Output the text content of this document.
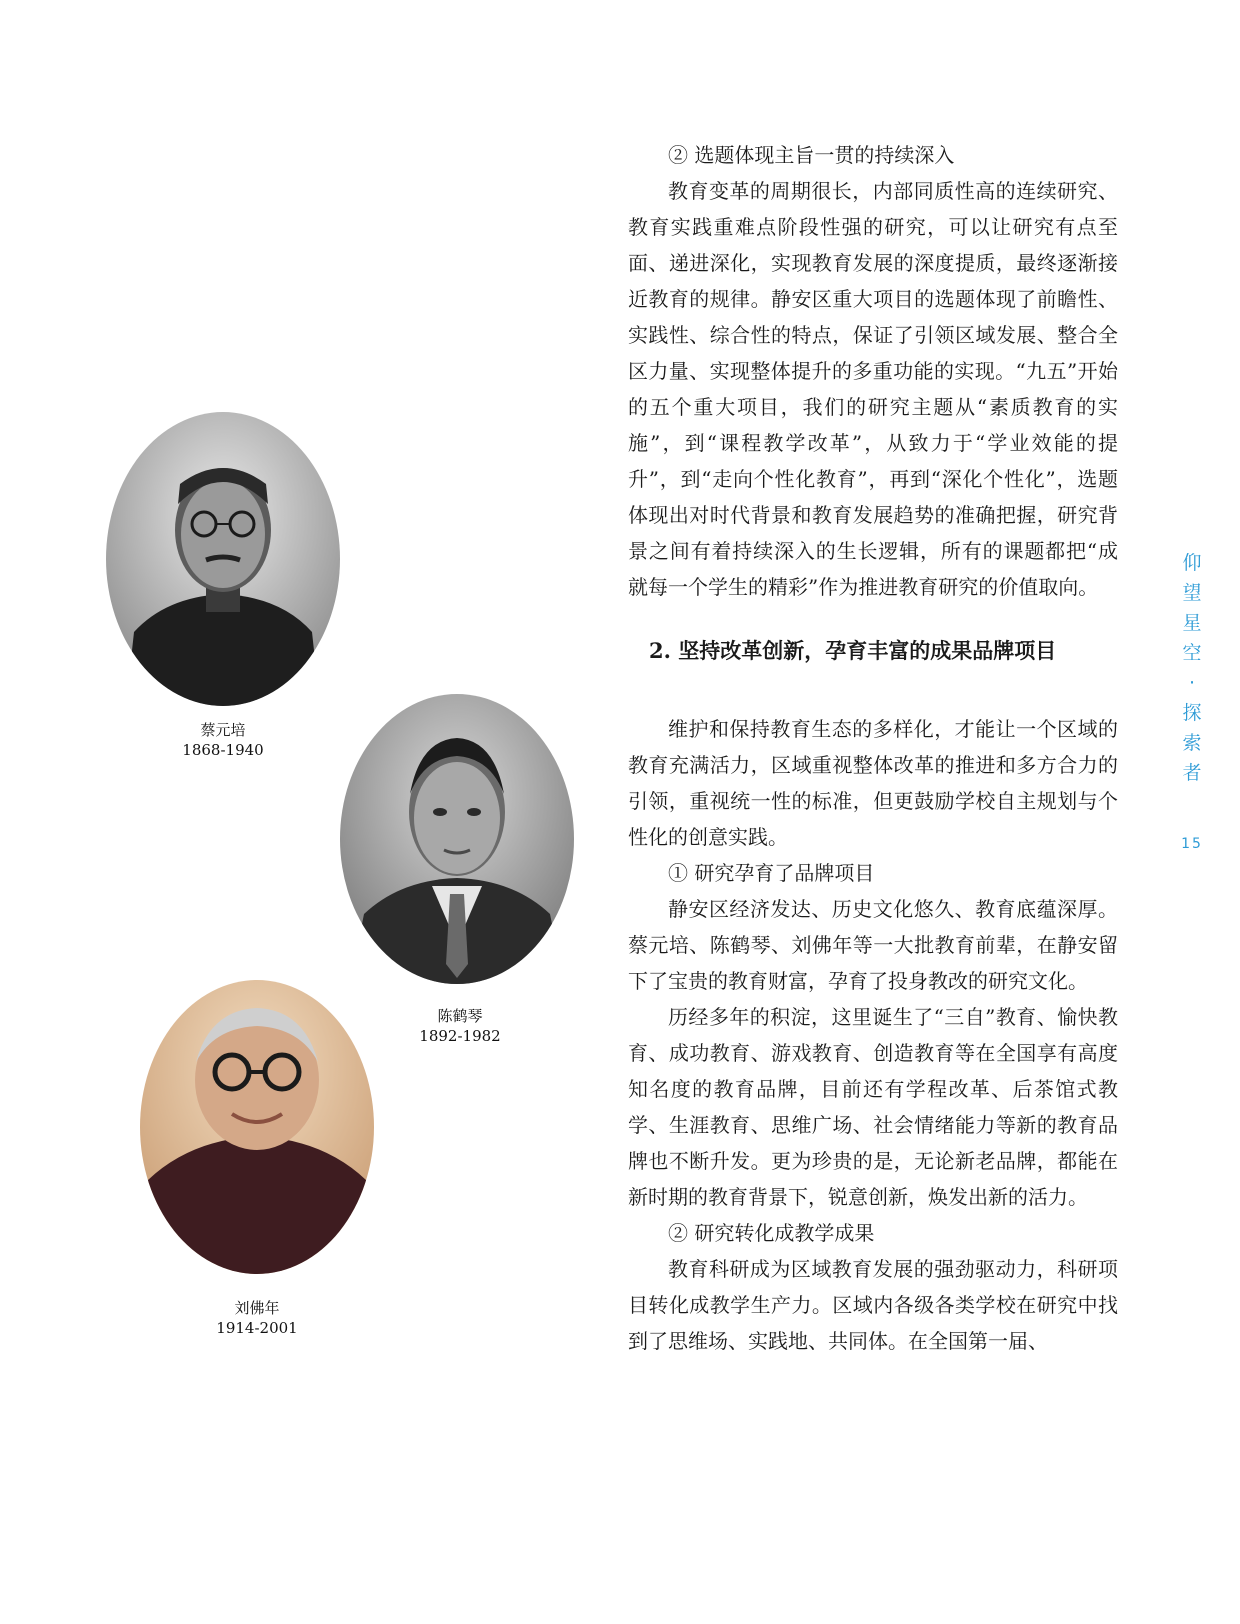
② 选题体现主旨一贯的持续深入

教育变革的周期很长，内部同质性高的连续研究、教育实践重难点阶段性强的研究，可以让研究有点至面、递进深化，实现教育发展的深度提质，最终逐渐接近教育的规律。静安区重大项目的选题体现了前瞻性、实践性、综合性的特点，保证了引领区域发展、整合全区力量、实现整体提升的多重功能的实现。“九五”开始的五个重大项目，我们的研究主题从“素质教育的实施”，到“课程教学改革”，从致力于“学业效能的提升”，到“走向个性化教育”，再到“深化个性化”，选题体现出对时代背景和教育发展趋势的准确把握，研究背景之间有着持续深入的生长逻辑，所有的课题都把“成就每一个学生的精彩”作为推进教育研究的价值取向。

2. 坚持改革创新，孕育丰富的成果品牌项目

维护和保持教育生态的多样化，才能让一个区域的教育充满活力，区域重视整体改革的推进和多方合力的引领，重视统一性的标准，但更鼓励学校自主规划与个性化的创意实践。

① 研究孕育了品牌项目

静安区经济发达、历史文化悠久、教育底蕴深厚。蔡元培、陈鹤琴、刘佛年等一大批教育前辈，在静安留下了宝贵的教育财富，孕育了投身教改的研究文化。

历经多年的积淀，这里诞生了“三自”教育、愉快教育、成功教育、游戏教育、创造教育等在全国享有高度知名度的教育品牌，目前还有学程改革、后茶馆式教学、生涯教育、思维广场、社会情绪能力等新的教育品牌也不断升发。更为珍贵的是，无论新老品牌，都能在新时期的教育背景下，锐意创新，焕发出新的活力。

② 研究转化成教学成果

教育科研成为区域教育发展的强劲驱动力，科研项目转化成教学生产力。区域内各级各类学校在研究中找到了思维场、实践地、共同体。在全国第一届、

仰
望
星
空
·
探
索
者
15
蔡元培
1868-1940
陈鹤琴
1892-1982
刘佛年
1914-2001
